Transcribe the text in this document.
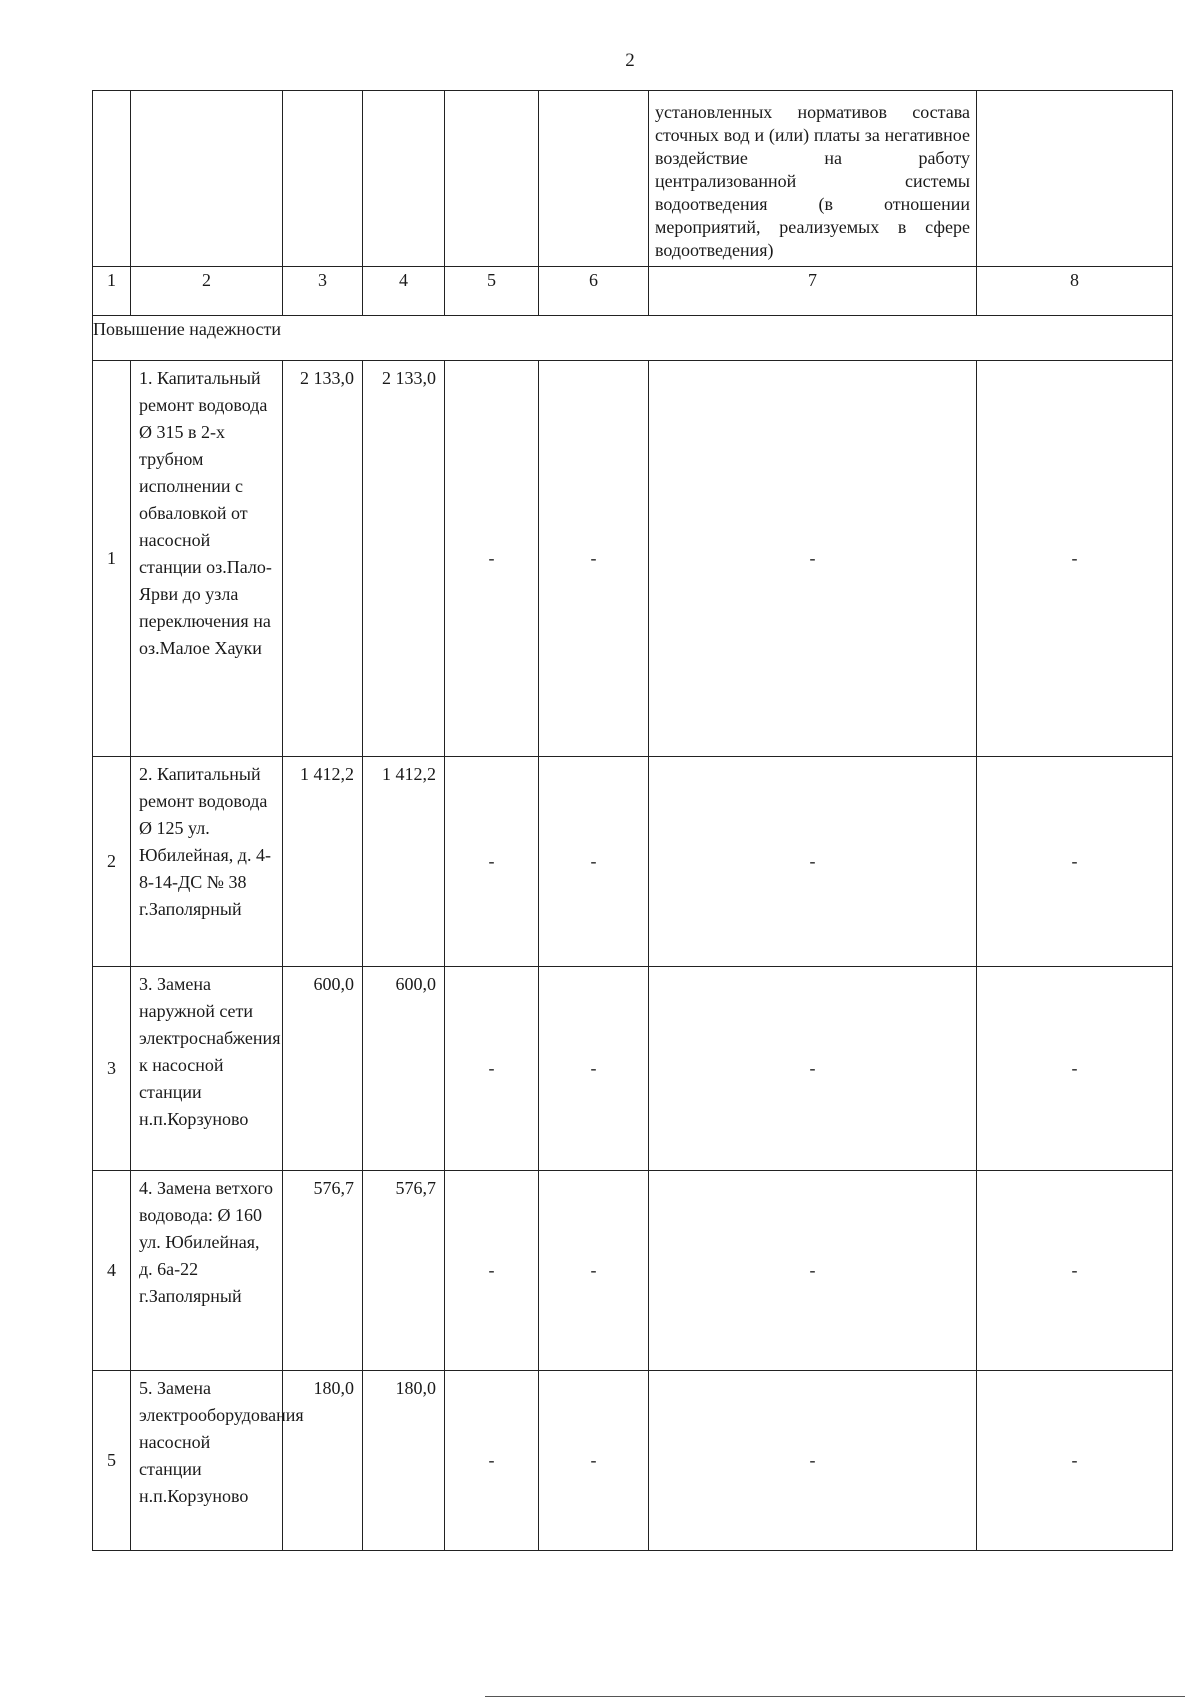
2

						установленных нормативов состава сточных вод и (или) платы за негативное воздействие на работу централизованной системы водоотведения (в отношении мероприятий, реализуемых в сфере водоотведения)	

1	2	3	4	5	6	7	8
Повышение надежности							
1	1. Капитальный ремонт водовода Ø 315 в 2-х трубном исполнении с обваловкой от насосной станции оз.Пало-Ярви до узла переключения на оз.Малое Хауки	2 133,0	2 133,0	-	-	-	-
2	2. Капитальный ремонт водовода Ø 125 ул. Юбилейная, д. 4-8-14-ДС № 38 г.Заполярный	1 412,2	1 412,2	-	-	-	-
3	3. Замена наружной сети электроснабжения к насосной станции н.п.Корзуново	600,0	600,0	-	-	-	-
4	4. Замена ветхого водовода: Ø 160 ул. Юбилейная, д. 6а-22 г.Заполярный	576,7	576,7	-	-	-	-
5	5. Замена электрооборудования насосной станции н.п.Корзуново	180,0	180,0	-	-	-	-
